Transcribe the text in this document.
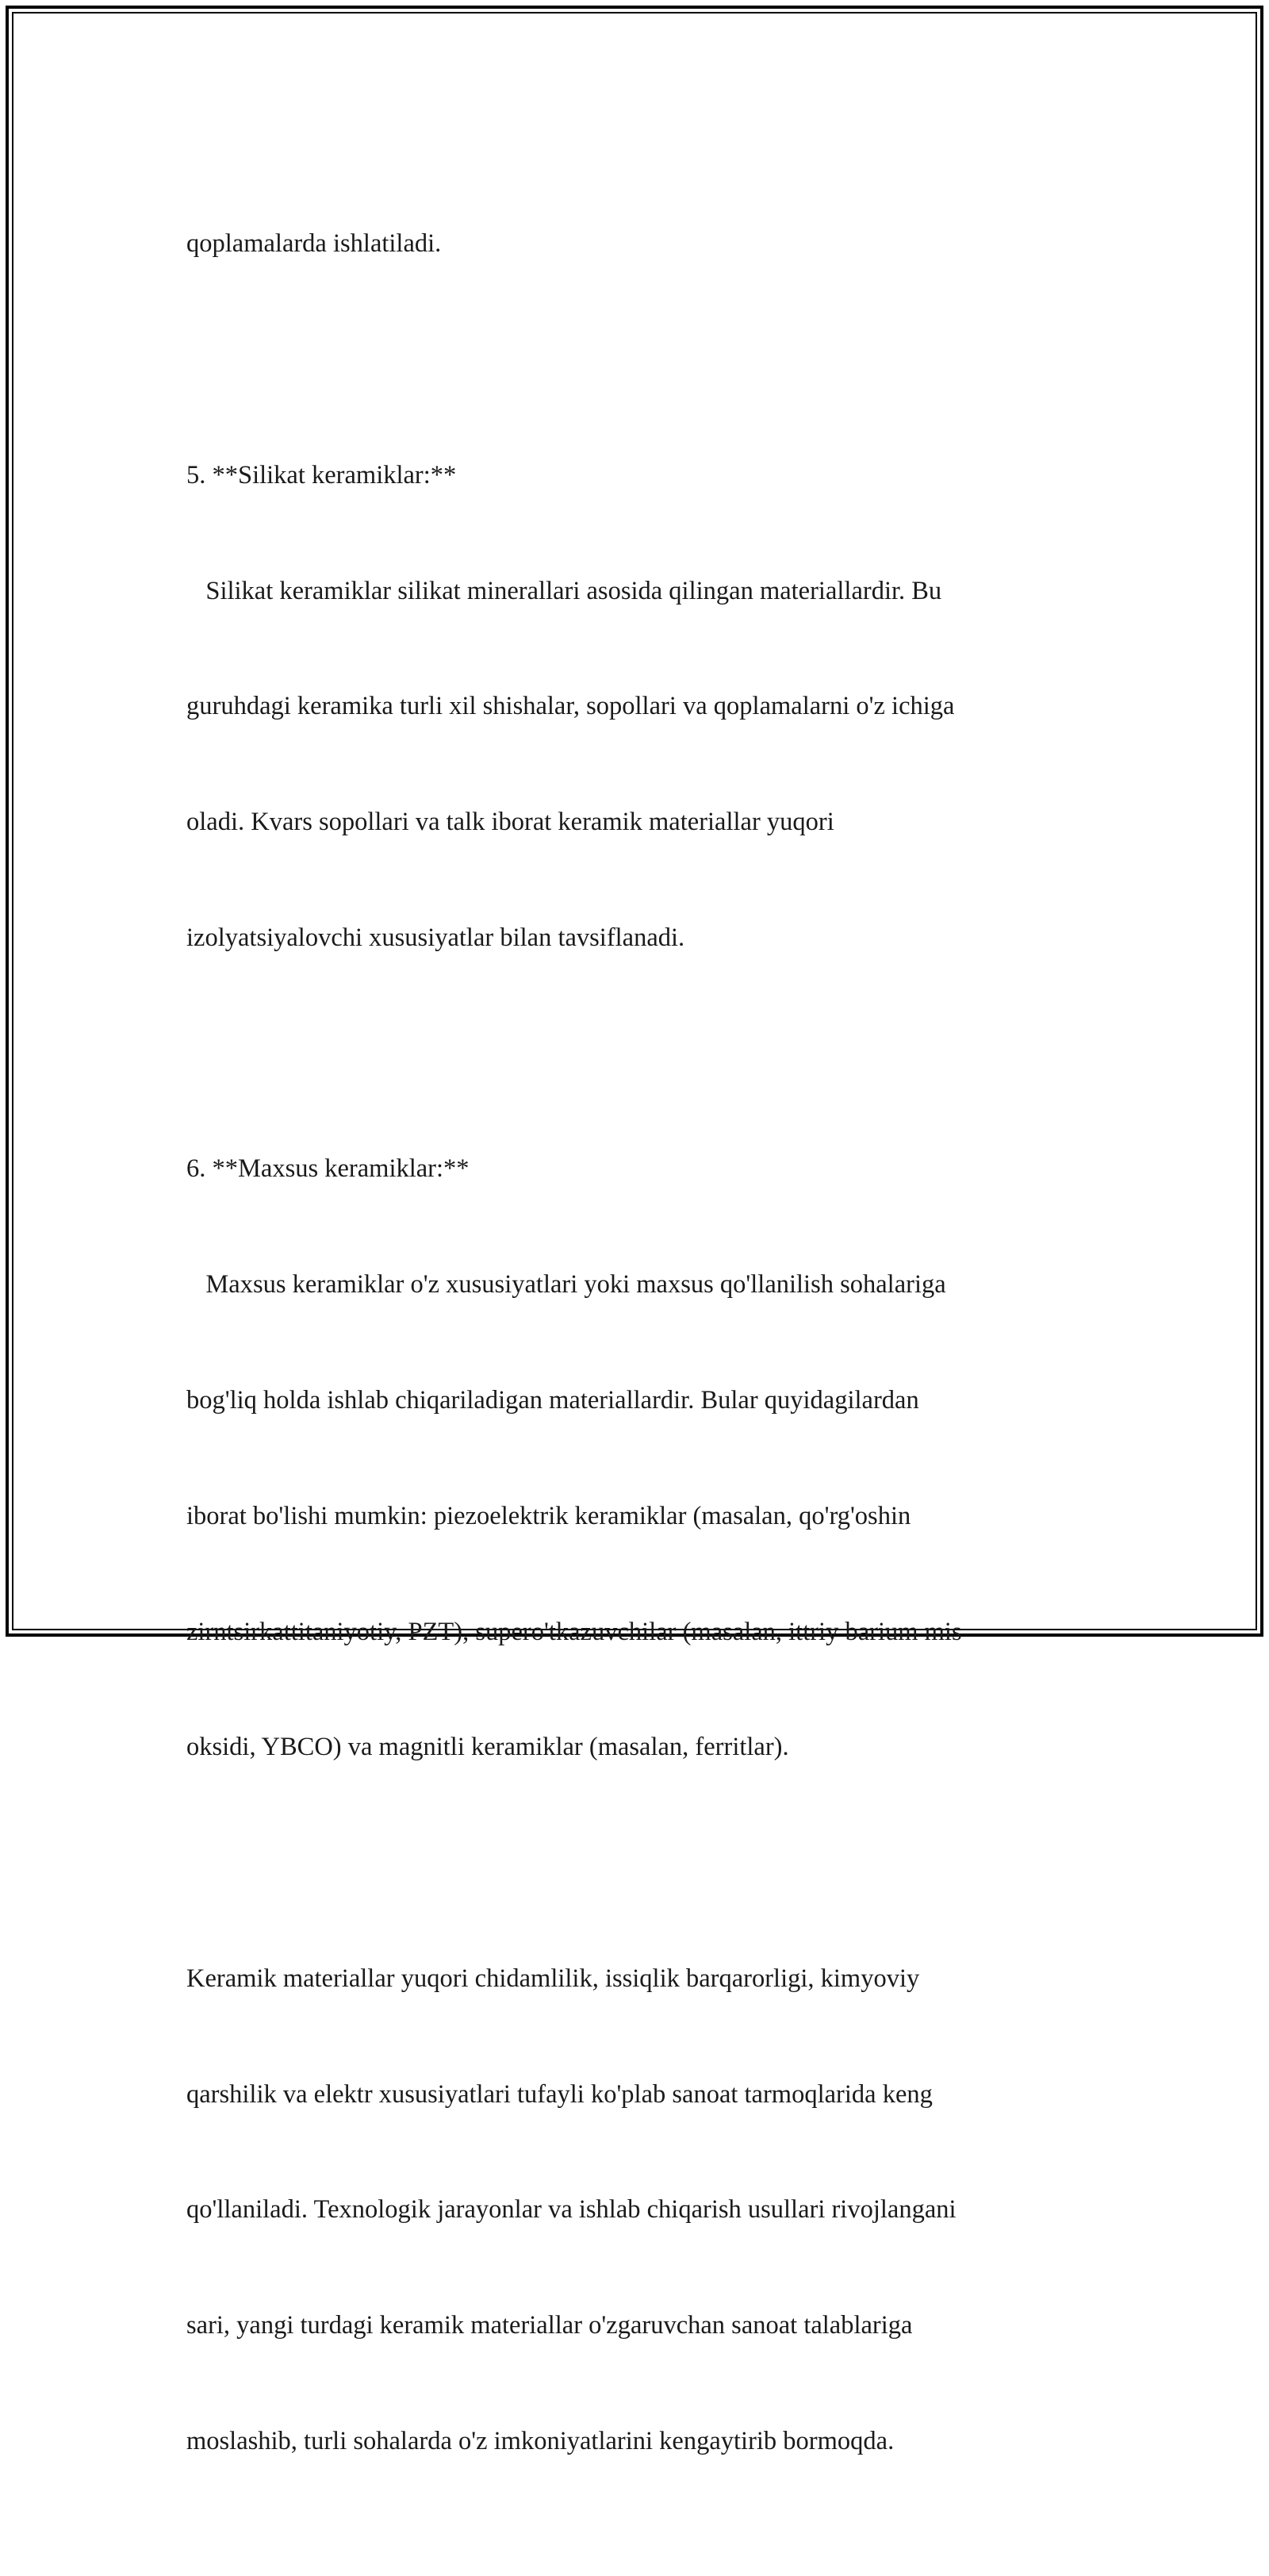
qoplamalarda ishlatiladi.

5. **Silikat keramiklar:**

Silikat keramiklar silikat minerallari asosida qilingan materiallardir. Bu

guruhdagi keramika turli xil shishalar, sopollari va qoplamalarni o'z ichiga

oladi. Kvars sopollari va talk iborat keramik materiallar yuqori

izolyatsiyalovchi xususiyatlar bilan tavsiflanadi.

6. **Maxsus keramiklar:**

Maxsus keramiklar o'z xususiyatlari yoki maxsus qo'llanilish sohalariga

bog'liq holda ishlab chiqariladigan materiallardir. Bular quyidagilardan

iborat bo'lishi mumkin: piezoelektrik keramiklar (masalan, qo'rg'oshin

zirntsirkattitaniyotiy, PZT), supero'tkazuvchilar (masalan, ittriy barium mis

oksidi, YBCO) va magnitli keramiklar (masalan, ferritlar).

Keramik materiallar yuqori chidamlilik, issiqlik barqarorligi, kimyoviy

qarshilik va elektr xususiyatlari tufayli ko'plab sanoat tarmoqlarida keng

qo'llaniladi. Texnologik jarayonlar va ishlab chiqarish usullari rivojlangani

sari, yangi turdagi keramik materiallar o'zgaruvchan sanoat talablariga

moslashib, turli sohalarda o'z imkoniyatlarini kengaytirib bormoqda.
